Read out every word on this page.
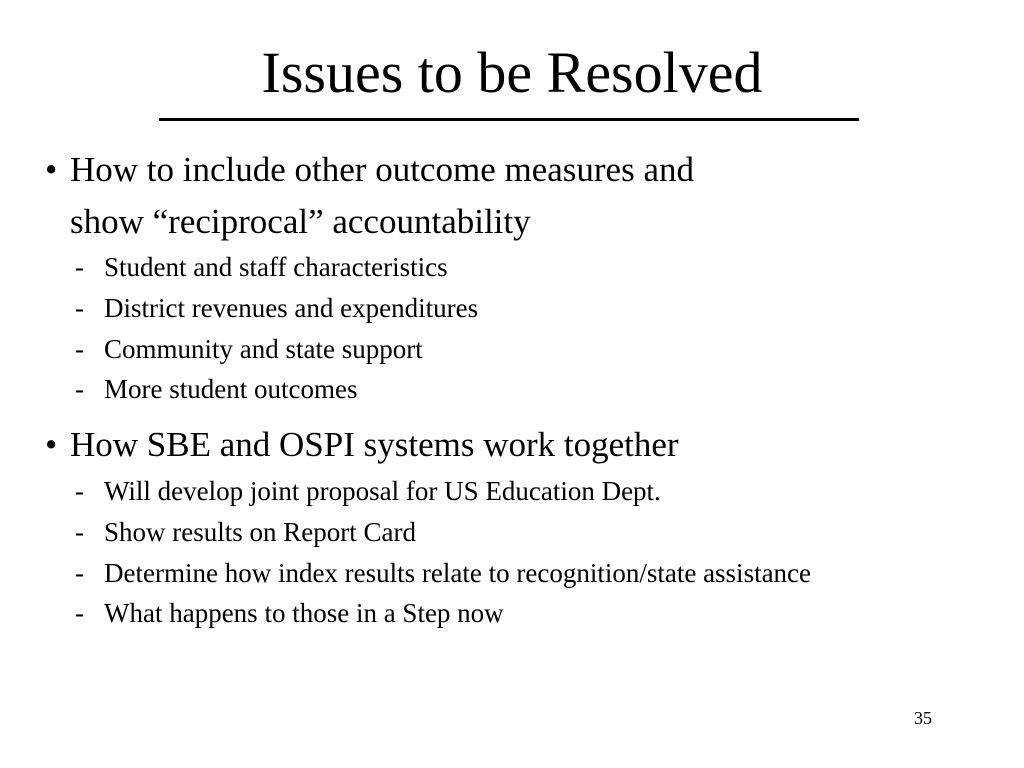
Issues to be Resolved
• How to include other outcome measures and
show “reciprocal” accountability
- Student and staff characteristics
- District revenues and expenditures
- Community and state support
- More student outcomes
• How SBE and OSPI systems work together
- Will develop joint proposal for US Education Dept.
- Show results on Report Card
- Determine how index results relate to recognition/state assistance
- What happens to those in a Step now
35
